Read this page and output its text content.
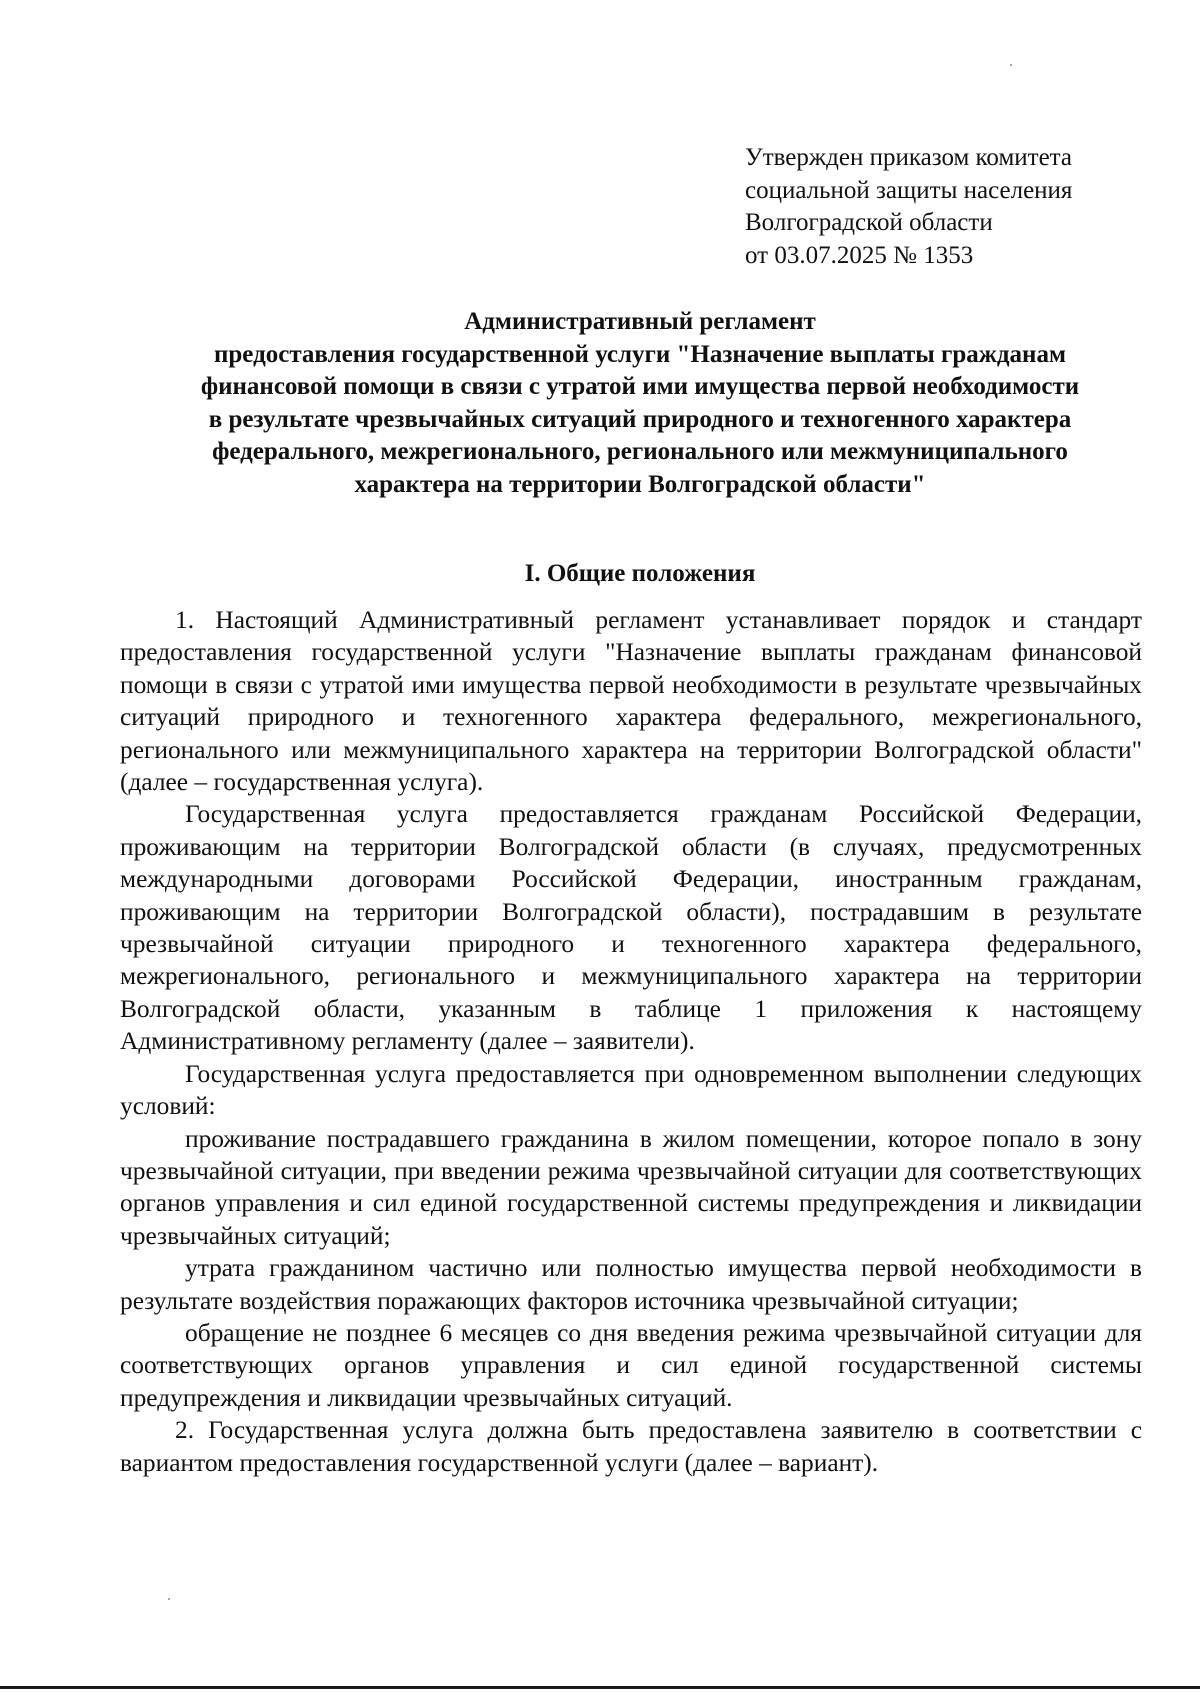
Утвержден приказом комитета
социальной защиты населения
Волгоградской области
от 03.07.2025 № 1353
Административный регламент
предоставления государственной услуги "Назначение выплаты гражданам
финансовой помощи в связи с утратой ими имущества первой необходимости
в результате чрезвычайных ситуаций природного и техногенного характера
федерального, межрегионального, регионального или межмуниципального
характера на территории Волгоградской области"
I. Общие положения

1. Настоящий Административный регламент устанавливает порядок и стандарт предоставления государственной услуги "Назначение выплаты гражданам финансовой помощи в связи с утратой ими имущества первой необходимости в результате чрезвычайных ситуаций природного и техногенного характера федерального, межрегионального, регионального или межмуниципального характера на территории Волгоградской области" (далее – государственная услуга).

Государственная услуга предоставляется гражданам Российской Федерации, проживающим на территории Волгоградской области (в случаях, предусмотренных международными договорами Российской Федерации, иностранным гражданам, проживающим на территории Волгоградской области), пострадавшим в результате чрезвычайной ситуации природного и техногенного характера федерального, межрегионального, регионального и межмуниципального характера на территории Волгоградской области, указанным в таблице 1 приложения к настоящему Административному регламенту (далее – заявители).

Государственная услуга предоставляется при одновременном выполнении следующих условий:

проживание пострадавшего гражданина в жилом помещении, которое попало в зону чрезвычайной ситуации, при введении режима чрезвычайной ситуации для соответствующих органов управления и сил единой государственной системы предупреждения и ликвидации чрезвычайных ситуаций;

утрата гражданином частично или полностью имущества первой необходимости в результате воздействия поражающих факторов источника чрезвычайной ситуации;

обращение не позднее 6 месяцев со дня введения режима чрезвычайной ситуации для соответствующих органов управления и сил единой государственной системы предупреждения и ликвидации чрезвычайных ситуаций.

2. Государственная услуга должна быть предоставлена заявителю в соответствии с вариантом предоставления государственной услуги (далее – вариант).
